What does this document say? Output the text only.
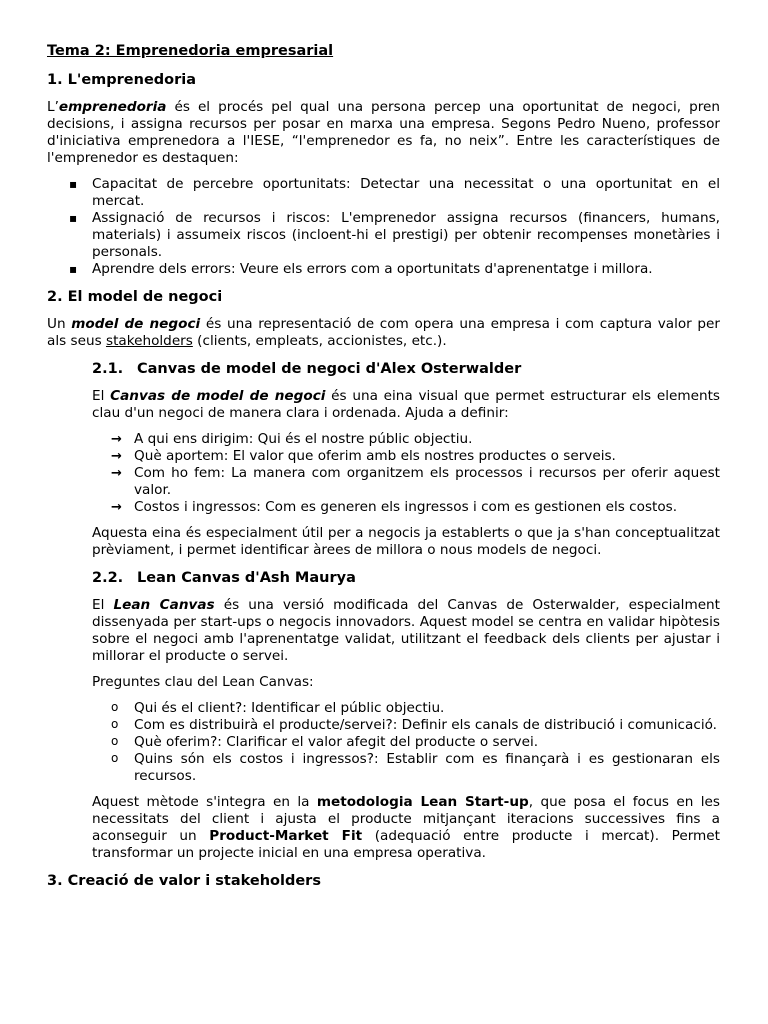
Tema 2: Emprenedoria empresarial
1. L'emprenedoria

L’emprenedoria és el procés pel qual una persona percep una oportunitat de negoci, pren decisions, i assigna recursos per posar en marxa una empresa. Segons Pedro Nueno, professor d'iniciativa emprenedora a l'IESE, “l'emprenedor es fa, no neix”. Entre les característiques de l'emprenedor es destaquen:

▪ Capacitat de percebre oportunitats: Detectar una necessitat o una oportunitat en el mercat.
▪ Assignació de recursos i riscos: L'emprenedor assigna recursos (financers, humans, materials) i assumeix riscos (incloent-hi el prestigi) per obtenir recompenses monetàries i personals.
▪ Aprendre dels errors: Veure els errors com a oportunitats d'aprenentatge i millora.
2. El model de negoci

Un model de negoci és una representació de com opera una empresa i com captura valor per als seus stakeholders (clients, empleats, accionistes, etc.).

2.1. Canvas de model de negoci d'Alex Osterwalder

El Canvas de model de negoci és una eina visual que permet estructurar els elements clau d'un negoci de manera clara i ordenada. Ajuda a definir:

→ A qui ens dirigim: Qui és el nostre públic objectiu.
→ Què aportem: El valor que oferim amb els nostres productes o serveis.
→ Com ho fem: La manera com organitzem els processos i recursos per oferir aquest valor.
→ Costos i ingressos: Com es generen els ingressos i com es gestionen els costos.

Aquesta eina és especialment útil per a negocis ja establerts o que ja s'han conceptualitzat prèviament, i permet identificar àrees de millora o nous models de negoci.

2.2. Lean Canvas d'Ash Maurya

El Lean Canvas és una versió modificada del Canvas de Osterwalder, especialment dissenyada per start-ups o negocis innovadors. Aquest model se centra en validar hipòtesis sobre el negoci amb l'aprenentatge validat, utilitzant el feedback dels clients per ajustar i millorar el producte o servei.

Preguntes clau del Lean Canvas:

o Qui és el client?: Identificar el públic objectiu.
o Com es distribuirà el producte/servei?: Definir els canals de distribució i comunicació.
o Què oferim?: Clarificar el valor afegit del producte o servei.
o Quins són els costos i ingressos?: Establir com es finançarà i es gestionaran els recursos.

Aquest mètode s'integra en la metodologia Lean Start-up, que posa el focus en les necessitats del client i ajusta el producte mitjançant iteracions successives fins a aconseguir un Product-Market Fit (adequació entre producte i mercat). Permet transformar un projecte inicial en una empresa operativa.

3. Creació de valor i stakeholders
